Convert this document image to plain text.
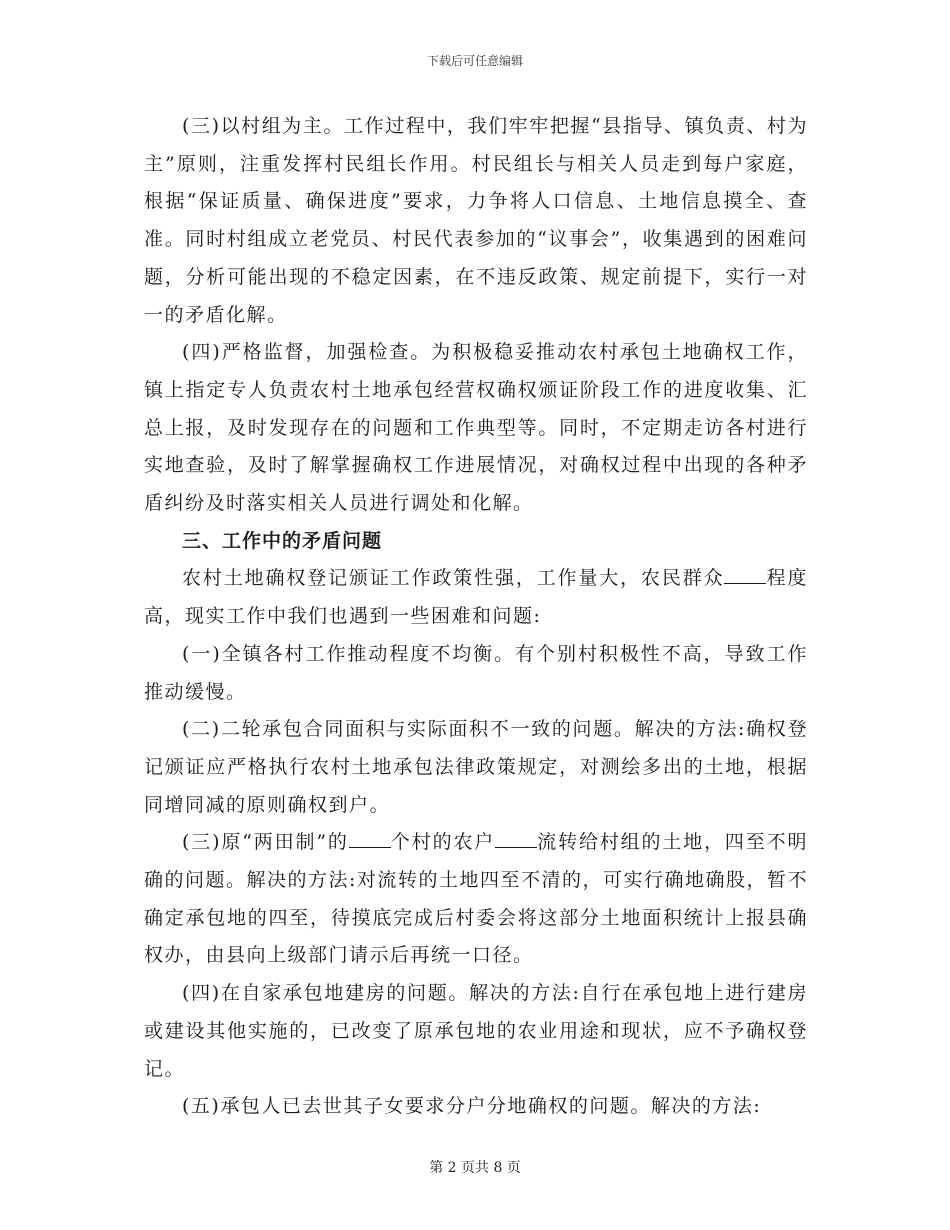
下载后可任意编辑

(三)以村组为主。工作过程中，我们牢牢把握“县指导、镇负责、村为主”原则，注重发挥村民组长作用。村民组长与相关人员走到每户家庭，根据“保证质量、确保进度”要求，力争将人口信息、土地信息摸全、查准。同时村组成立老党员、村民代表参加的“议事会”，收集遇到的困难问题，分析可能出现的不稳定因素，在不违反政策、规定前提下，实行一对一的矛盾化解。

(四)严格监督，加强检查。为积极稳妥推动农村承包土地确权工作，镇上指定专人负责农村土地承包经营权确权颁证阶段工作的进度收集、汇总上报，及时发现存在的问题和工作典型等。同时，不定期走访各村进行实地查验，及时了解掌握确权工作进展情况，对确权过程中出现的各种矛盾纠纷及时落实相关人员进行调处和化解。

三、工作中的矛盾问题

农村土地确权登记颁证工作政策性强，工作量大，农民群众 程度高，现实工作中我们也遇到一些困难和问题:

(一)全镇各村工作推动程度不均衡。有个别村积极性不高，导致工作推动缓慢。

(二)二轮承包合同面积与实际面积不一致的问题。解决的方法:确权登记颁证应严格执行农村土地承包法律政策规定，对测绘多出的土地，根据同增同减的原则确权到户。

(三)原“两田制”的 个村的农户 流转给村组的土地，四至不明确的问题。解决的方法:对流转的土地四至不清的，可实行确地确股，暂不确定承包地的四至，待摸底完成后村委会将这部分土地面积统计上报县确权办，由县向上级部门请示后再统一口径。

(四)在自家承包地建房的问题。解决的方法:自行在承包地上进行建房或建设其他实施的，已改变了原承包地的农业用途和现状，应不予确权登记。

(五)承包人已去世其子女要求分户分地确权的问题。解决的方法:

第 2 页共 8 页
